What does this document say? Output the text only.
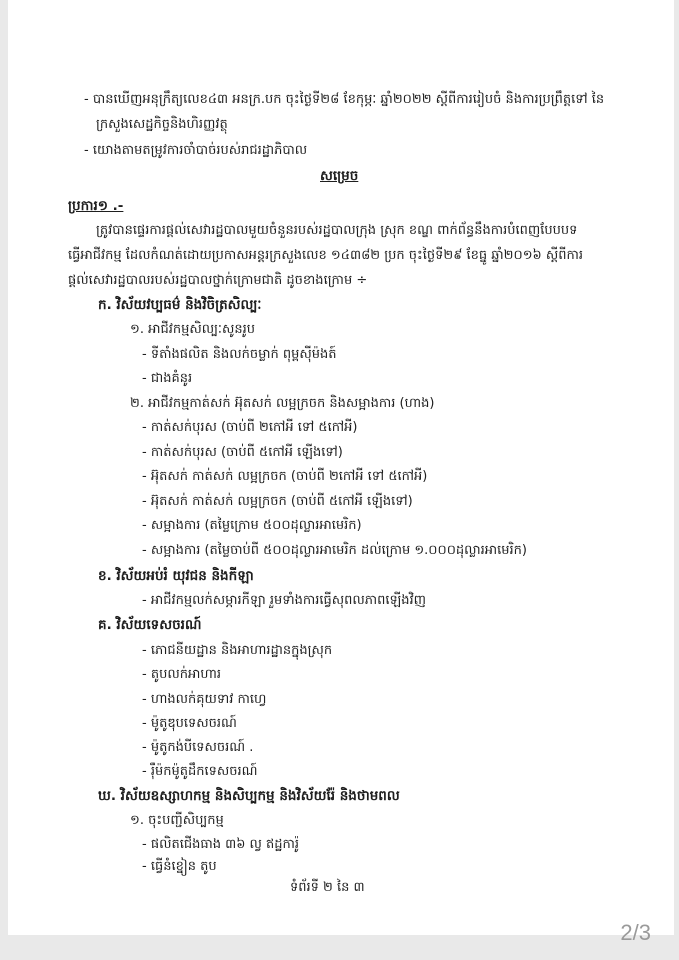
- បានឃើញអនុក្រឹត្យលេខ៤៣ អនក្រ.បក ចុះថ្ងៃទី២៨ ខែកុម្ភៈ ឆ្នាំ២០២២ ស្តីពីការរៀបចំ និងការប្រព្រឹត្តទៅ នៃ
ក្រសួងសេដ្ឋកិច្ចនិងហិរញ្ញវត្ថុ
- យោងតាមតម្រូវការចាំបាច់របស់រាជរដ្ឋាភិបាល
សម្រេច
ប្រការ១ .-
ត្រូវបានផ្ទេរការផ្តល់សេវារដ្ឋបាលមួយចំនួនរបស់រដ្ឋបាលក្រុង ស្រុក ខណ្ឌ ពាក់ព័ន្ធនឹងការបំពេញបែបបទ
ធ្វើអាជីវកម្ម ដែលកំណត់ដោយប្រកាសអន្តរក្រសួងលេខ ១៤៣៨២ ប្រក ចុះថ្ងៃទី២៩ ខែធ្នូ ឆ្នាំ២០១៦ ស្តីពីការ
ផ្តល់សេវារដ្ឋបាលរបស់រដ្ឋបាលថ្នាក់ក្រោមជាតិ ដូចខាងក្រោម ÷
ក. វិស័យវប្បធម៌ និងវិចិត្រសិល្បៈ
១. អាជីវកម្មសិល្បៈសូនរូប
- ទីតាំងផលិត និងលក់ចម្លាក់ ពុម្ពស៊ីម៉ងត៍
- ជាងគំនូរ
២. អាជីវកម្មកាត់សក់ អ៊ុតសក់ លម្អក្រចក និងសម្អាងការ (ហាង)
- កាត់សក់បុរស (ចាប់ពី ២កៅអី ទៅ ៥កៅអី)
- កាត់សក់បុរស (ចាប់ពី ៥កៅអី ឡើងទៅ)
- អ៊ុតសក់ កាត់សក់ លម្អក្រចក (ចាប់ពី ២កៅអី ទៅ ៥កៅអី)
- អ៊ុតសក់ កាត់សក់ លម្អក្រចក (ចាប់ពី ៥កៅអី ឡើងទៅ)
- សម្អាងការ (តម្លៃក្រោម ៥០០ដុល្លារអាមេរិក)
- សម្អាងការ (តម្លៃចាប់ពី ៥០០ដុល្លារអាមេរិក ដល់ក្រោម ១.០០០ដុល្លារអាមេរិក)
ខ. វិស័យអប់រំ យុវជន និងកីឡា
- អាជីវកម្មលក់សម្ភារកីឡា រួមទាំងការធ្វើសុពលភាពឡើងវិញ
គ. វិស័យទេសចរណ៍
- ភោជនីយដ្ឋាន និងអាហារដ្ឋានក្នុងស្រុក
- តូបលក់អាហារ
- ហាងលក់គុយទាវ កាហ្វេ
- ម៉ូតូឌុបទេសចរណ៍
- ម៉ូតូកង់បីទេសចរណ៍ .
- រ៉ឺម៉កម៉ូតូដឹកទេសចរណ៍
ឃ. វិស័យឧស្សាហកម្ម និងសិប្បកម្ម និងវិស័យរ៉ែ និងថាមពល
១. ចុះបញ្ជីសិប្បកម្ម
- ផលិតជើងធាង ៣៦ ល្វ ឥដ្ឋការ៉ូ
- ធ្វើនំខ្នៀន តូប
ទំព័រទី ២ នៃ ៣
2/3
